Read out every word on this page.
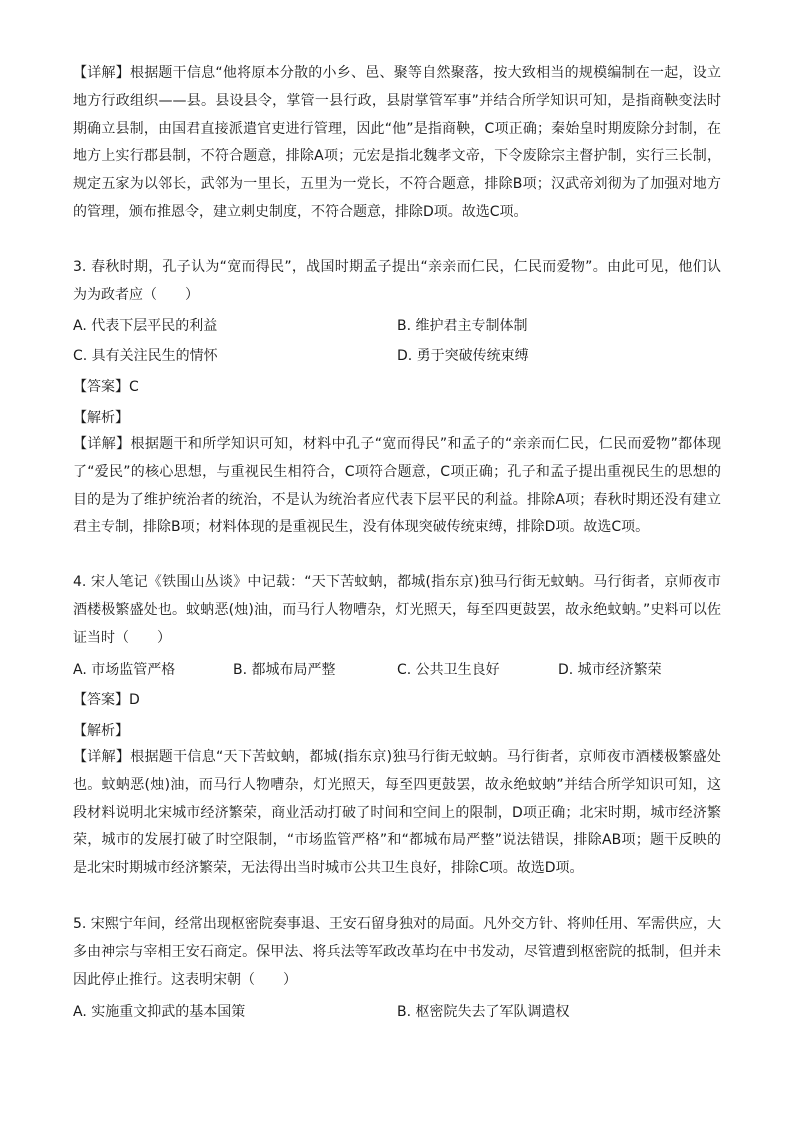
【详解】根据题干信息“他将原本分散的小乡、邑、聚等自然聚落，按大致相当的规模编制在一起，设立地方行政组织——县。县设县令，掌管一县行政，县尉掌管军事”并结合所学知识可知，是指商鞅变法时期确立县制，由国君直接派遣官吏进行管理，因此“他”是指商鞅，C项正确；秦始皇时期废除分封制，在地方上实行郡县制，不符合题意，排除A项；元宏是指北魏孝文帝，下令废除宗主督护制，实行三长制，规定五家为以邻长，武邻为一里长，五里为一党长，不符合题意，排除B项；汉武帝刘彻为了加强对地方的管理，颁布推恩令，建立刺史制度，不符合题意，排除D项。故选C项。

3. 春秋时期，孔子认为“宽而得民”，战国时期孟子提出“亲亲而仁民，仁民而爱物”。由此可见，他们认为为政者应（　　）

A. 代表下层平民的利益	B. 维护君主专制体制
C. 具有关注民生的情怀	D. 勇于突破传统束缚
【答案】C
【解析】

【详解】根据题干和所学知识可知，材料中孔子“宽而得民”和孟子的“亲亲而仁民，仁民而爱物”都体现了“爱民”的核心思想，与重视民生相符合，C项符合题意，C项正确；孔子和孟子提出重视民生的思想的目的是为了维护统治者的统治，不是认为统治者应代表下层平民的利益。排除A项；春秋时期还没有建立君主专制，排除B项；材料体现的是重视民生，没有体现突破传统束缚，排除D项。故选C项。

4. 宋人笔记《铁围山丛谈》中记载：“天下苦蚊蚋，都城(指东京)独马行街无蚊蚋。马行街者，京师夜市酒楼极繁盛处也。蚊蚋恶(烛)油，而马行人物嘈杂，灯光照天，每至四更鼓罢，故永绝蚊蚋。”史料可以佐证当时（　　）

A. 市场监管严格	B. 都城布局严整	C. 公共卫生良好	D. 城市经济繁荣
【答案】D
【解析】

【详解】根据题干信息“天下苦蚊蚋，都城(指东京)独马行街无蚊蚋。马行街者，京师夜市酒楼极繁盛处也。蚊蚋恶(烛)油，而马行人物嘈杂，灯光照天，每至四更鼓罢，故永绝蚊蚋”并结合所学知识可知，这段材料说明北宋城市经济繁荣，商业活动打破了时间和空间上的限制，D项正确；北宋时期，城市经济繁荣，城市的发展打破了时空限制，“市场监管严格”和“都城布局严整”说法错误，排除AB项；题干反映的是北宋时期城市经济繁荣，无法得出当时城市公共卫生良好，排除C项。故选D项。

5. 宋熙宁年间，经常出现枢密院奏事退、王安石留身独对的局面。凡外交方针、将帅任用、军需供应，大多由神宗与宰相王安石商定。保甲法、将兵法等军政改革均在中书发动，尽管遭到枢密院的抵制，但并未因此停止推行。这表明宋朝（　　）

A. 实施重文抑武的基本国策	B. 枢密院失去了军队调遣权
